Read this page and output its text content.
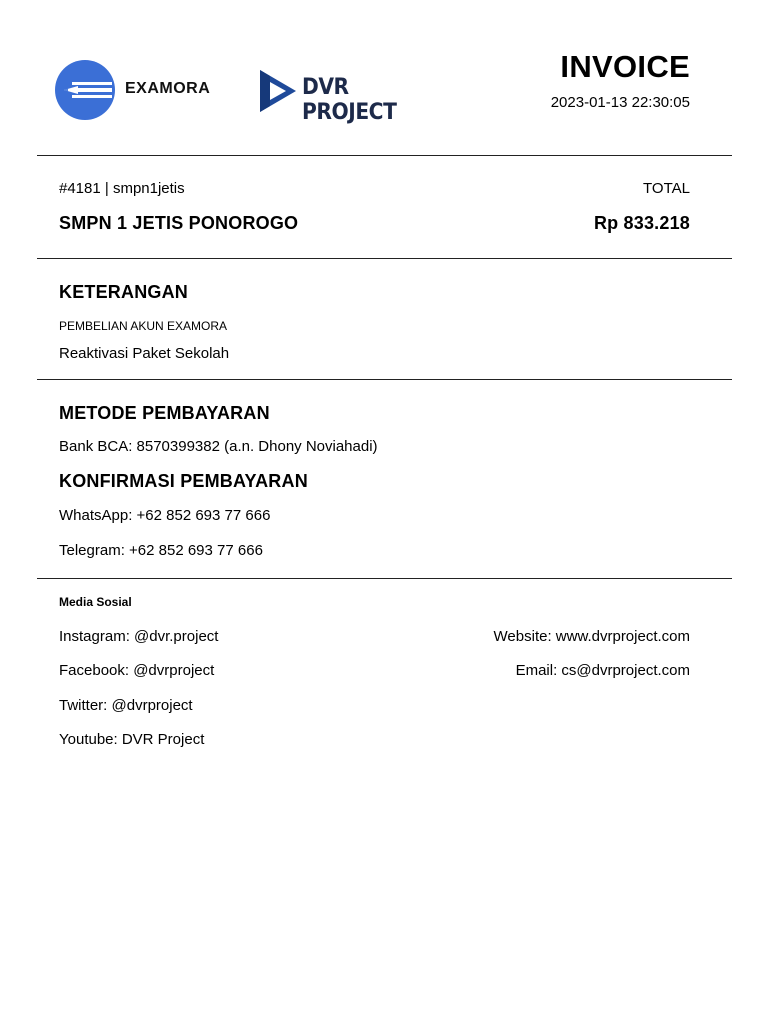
EXAMORA	DVR PROJECT
INVOICE
2023-01-13 22:30:05
#4181 | smpn1jetis	TOTAL
SMPN 1 JETIS PONOROGO	Rp 833.218
KETERANGAN
PEMBELIAN AKUN EXAMORA
Reaktivasi Paket Sekolah
METODE PEMBAYARAN
Bank BCA: 8570399382 (a.n. Dhony Noviahadi)
KONFIRMASI PEMBAYARAN
WhatsApp: +62 852 693 77 666
Telegram: +62 852 693 77 666
Media Sosial
Instagram: @dvr.project	Website: www.dvrproject.com
Facebook: @dvrproject	Email: cs@dvrproject.com
Twitter: @dvrproject
Youtube: DVR Project
